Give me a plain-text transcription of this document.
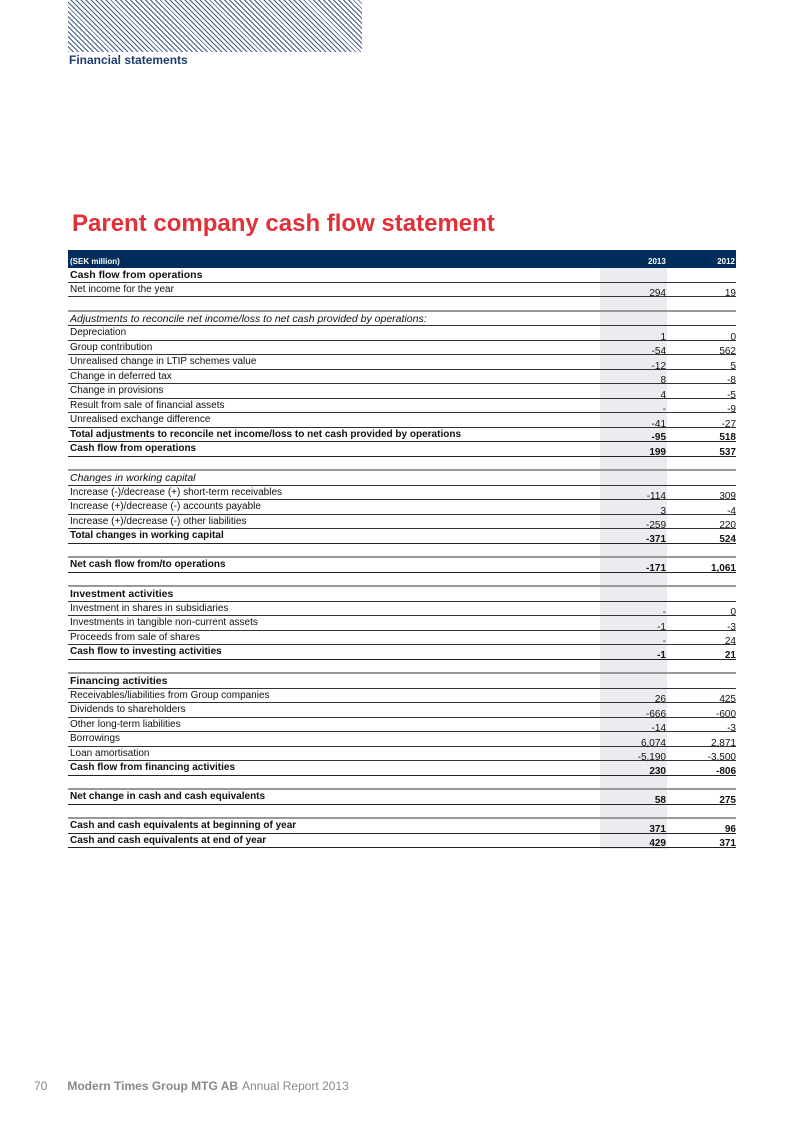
Financial statements
Parent company cash flow statement
(SEK million)	2013	2012
Cash flow from operations
Net income for the year	294	19
Adjustments to reconcile net income/loss to net cash provided by operations:
Depreciation	1	0
Group contribution	-54	562
Unrealised change in LTIP schemes value	-12	5
Change in deferred tax	8	-8
Change in provisions	4	-5
Result from sale of financial assets	-	-9
Unrealised exchange difference	-41	-27
Total adjustments to reconcile net income/loss to net cash provided by operations	-95	518
Cash flow from operations	199	537
Changes in working capital
Increase (-)/decrease (+) short-term receivables	-114	309
Increase (+)/decrease (-) accounts payable	3	-4
Increase (+)/decrease (-) other liabilities	-259	220
Total changes in working capital	-371	524
Net cash flow from/to operations	-171	1,061
Investment activities
Investment in shares in subsidiaries	-	0
Investments in tangible non-current assets	-1	-3
Proceeds from sale of shares	-	24
Cash flow to investing activities	-1	21
Financing activities
Receivables/liabilities from Group companies	26	425
Dividends to shareholders	-666	-600
Other long-term liabilities	-14	-3
Borrowings	6,074	2,871
Loan amortisation	-5,190	-3,500
Cash flow from financing activities	230	-806
Net change in cash and cash equivalents	58	275
Cash and cash equivalents at beginning of year	371	96
Cash and cash equivalents at end of year	429	371
70 Modern Times Group MTG AB Annual Report 2013
